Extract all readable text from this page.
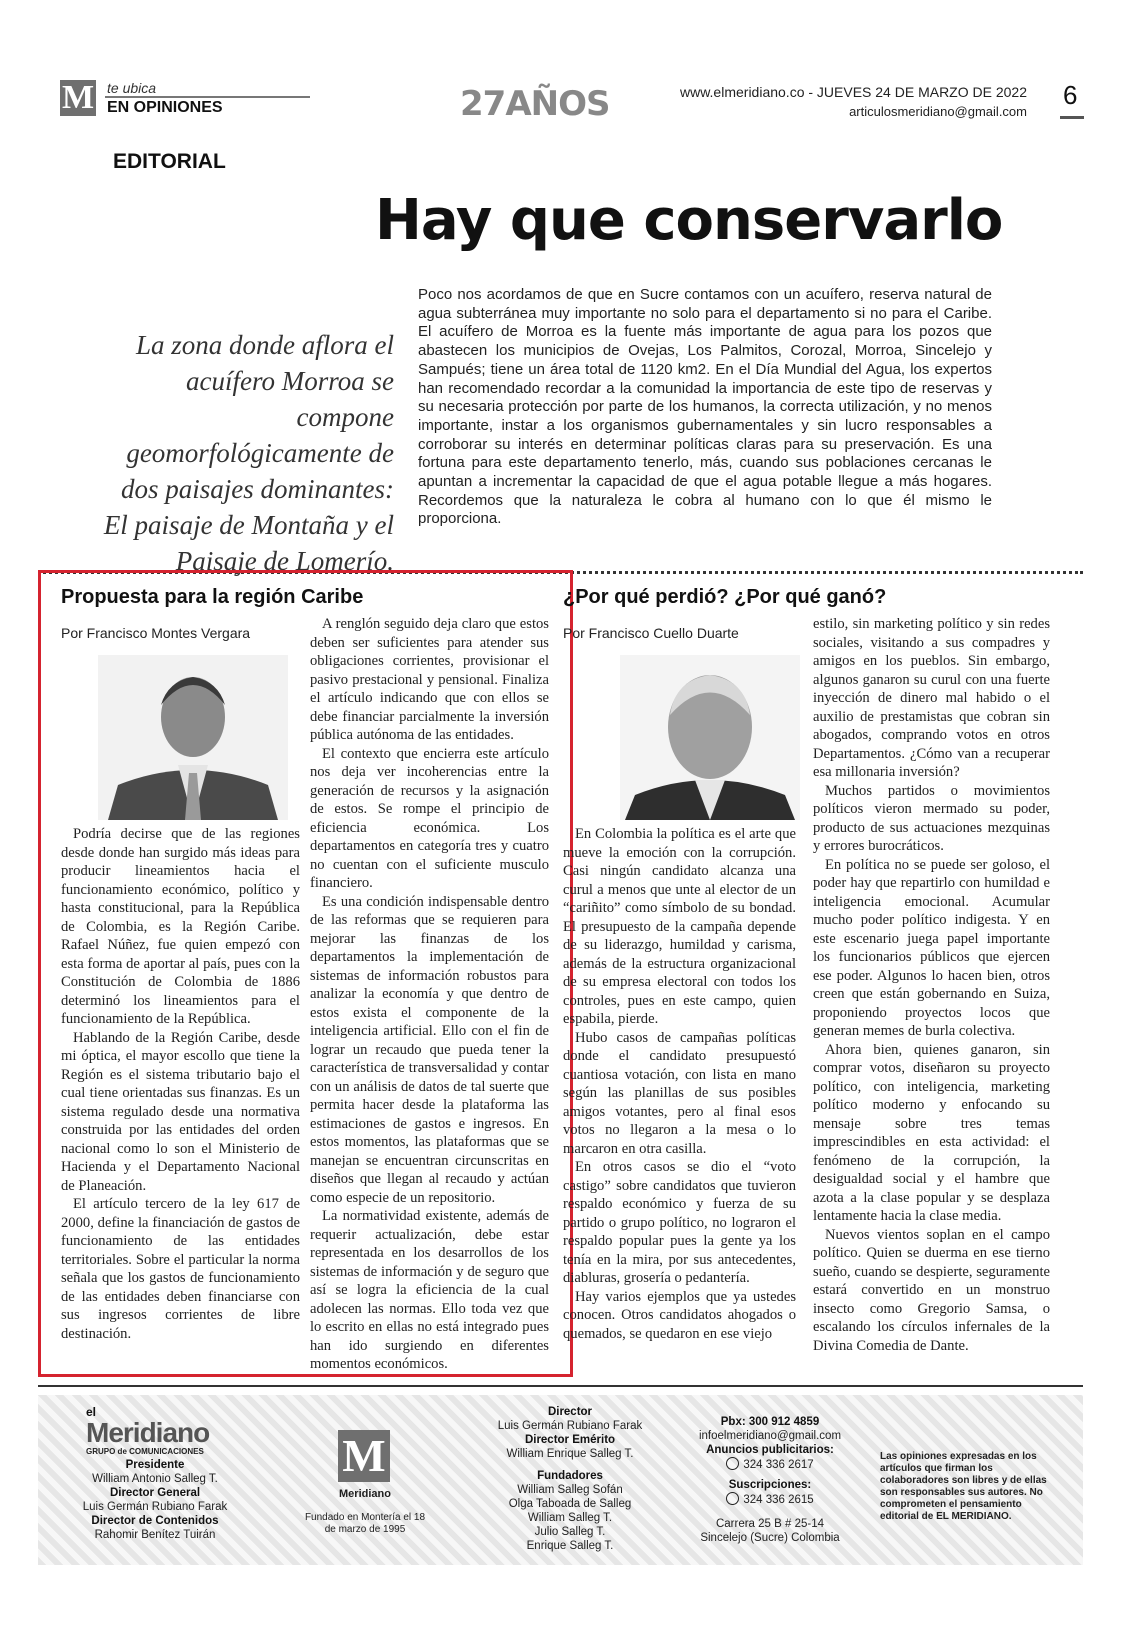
M te ubica
EN OPINIONES	27AÑOS	www.elmeridiano.co - JUEVES 24 DE MARZO DE 2022
articulosmeridiano@gmail.com
6
EDITORIAL
Hay que conservarlo
La zona donde aflora el acuífero Morroa se compone geomorfológicamente de dos paisajes dominantes: El paisaje de Montaña y el Paisaje de Lomerío.
Poco nos acordamos de que en Sucre contamos con un acuífero, reserva natural de agua subterránea muy importante no solo para el departamento si no para el Caribe. El acuífero de Morroa es la fuente más importante de agua para los pozos que abastecen los municipios de Ovejas, Los Palmitos, Corozal, Morroa, Sincelejo y Sampués; tiene un área total de 1120 km2. En el Día Mundial del Agua, los expertos han recomendado recordar a la comunidad la importancia de este tipo de reservas y su necesaria protección por parte de los humanos, la correcta utilización, y no menos importante, instar a los organismos gubernamentales y sin lucro responsables a corroborar su interés en determinar políticas claras para su preservación. Es una fortuna para este departamento tenerlo, más, cuando sus poblaciones cercanas le apuntan a incrementar la capacidad de que el agua potable llegue a más hogares. Recordemos que la naturaleza le cobra al humano con lo que él mismo le proporciona.
Propuesta para la región Caribe
Por Francisco Montes Vergara

Podría decirse que de las regiones desde donde han surgido más ideas para producir lineamientos hacia el funcionamiento económico, político y hasta constitucional, para la República de Colombia, es la Región Caribe. Rafael Núñez, fue quien empezó con esta forma de aportar al país, pues con la Constitución de Colombia de 1886 determinó los lineamientos para el funcionamiento de la República.

Hablando de la Región Caribe, desde mi óptica, el mayor escollo que tiene la Región es el sistema tributario bajo el cual tiene orientadas sus finanzas. Es un sistema regulado desde una normativa construida por las entidades del orden nacional como lo son el Ministerio de Hacienda y el Departamento Nacional de Planeación.

El artículo tercero de la ley 617 de 2000, define la financiación de gastos de funcionamiento de las entidades territoriales. Sobre el particular la norma señala que los gastos de funcionamiento de las entidades deben financiarse con sus ingresos corrientes de libre destinación.

A renglón seguido deja claro que estos deben ser suficientes para atender sus obligaciones corrientes, provisionar el pasivo prestacional y pensional. Finaliza el artículo indicando que con ellos se debe financiar parcialmente la inversión pública autónoma de las entidades.

El contexto que encierra este artículo nos deja ver incoherencias entre la generación de recursos y la asignación de estos. Se rompe el principio de eficiencia económica. Los departamentos en categoría tres y cuatro no cuentan con el suficiente musculo financiero.

Es una condición indispensable dentro de las reformas que se requieren para mejorar las finanzas de los departamentos la implementación de sistemas de información robustos para analizar la economía y que dentro de estos exista el componente de la inteligencia artificial. Ello con el fin de lograr un recaudo que pueda tener la característica de transversalidad y contar con un análisis de datos de tal suerte que permita hacer desde la plataforma las estimaciones de gastos e ingresos. En estos momentos, las plataformas que se manejan se encuentran circunscritas en diseños que llegan al recaudo y actúan como especie de un repositorio.

La normatividad existente, además de requerir actualización, debe estar representada en los desarrollos de los sistemas de información y de seguro que así se logra la eficiencia de la cual adolecen las normas. Ello toda vez que lo escrito en ellas no está integrado pues han ido surgiendo en diferentes momentos económicos.

¿Por qué perdió? ¿Por qué ganó?
Por Francisco Cuello Duarte

En Colombia la política es el arte que mueve la emoción con la corrupción. Casi ningún candidato alcanza una curul a menos que unte al elector de un “cariñito” como símbolo de su bondad. El presupuesto de la campaña depende de su liderazgo, humildad y carisma, además de la estructura organizacional de su empresa electoral con todos los controles, pues en este campo, quien espabila, pierde.

Hubo casos de campañas políticas donde el candidato presupuestó cuantiosa votación, con lista en mano según las planillas de sus posibles amigos votantes, pero al final esos votos no llegaron a la mesa o lo marcaron en otra casilla.

En otros casos se dio el “voto castigo” sobre candidatos que tuvieron respaldo económico y fuerza de su partido o grupo político, no lograron el respaldo popular pues la gente ya los tenía en la mira, por sus antecedentes, diabluras, grosería o pedantería.

Hay varios ejemplos que ya ustedes conocen. Otros candidatos ahogados o quemados, se quedaron en ese viejo

estilo, sin marketing político y sin redes sociales, visitando a sus compadres y amigos en los pueblos. Sin embargo, algunos ganaron su curul con una fuerte inyección de dinero mal habido o el auxilio de prestamistas que cobran sin abogados, comprando votos en otros Departamentos. ¿Cómo van a recuperar esa millonaria inversión?

Muchos partidos o movimientos políticos vieron mermado su poder, producto de sus actuaciones mezquinas y errores burocráticos.

En política no se puede ser goloso, el poder hay que repartirlo con humildad e inteligencia emocional. Acumular mucho poder político indigesta. Y en este escenario juega papel importante los funcionarios públicos que ejercen ese poder. Algunos lo hacen bien, otros creen que están gobernando en Suiza, proponiendo proyectos locos que generan memes de burla colectiva.

Ahora bien, quienes ganaron, sin comprar votos, diseñaron su proyecto político, con inteligencia, marketing político moderno y enfocando su mensaje sobre tres temas imprescindibles en esta actividad: el fenómeno de la corrupción, la desigualdad social y el hambre que azota a la clase popular y se desplaza lentamente hacia la clase media.

Nuevos vientos soplan en el campo político. Quien se duerma en ese tierno sueño, cuando se despierte, seguramente estará convertido en un monstruo insecto como Gregorio Samsa, o escalando los círculos infernales de la Divina Comedia de Dante.

el
Meridiano
GRUPO de COMUNICACIONES
Presidente
William Antonio Salleg T.
Director General
Luis Germán Rubiano Farak
Director de Contenidos
Rahomir Benítez Tuirán
M
Meridiano
Fundado en Montería el 18 de marzo de 1995
Director
Luis Germán Rubiano Farak
Director Emérito
William Enrique Salleg T.
Fundadores
William Salleg Sofán
Olga Taboada de Salleg
William Salleg T.
Julio Salleg T.
Enrique Salleg T.
Pbx: 300 912 4859
infoelmeridiano@gmail.com
Anuncios publicitarios:
324 336 2617
Suscripciones:
324 336 2615
Carrera 25 B # 25-14
Sincelejo (Sucre) Colombia
Las opiniones expresadas en los artículos que firman los colaboradores son libres y de ellas son responsables sus autores. No comprometen el pensamiento editorial de EL MERIDIANO.
